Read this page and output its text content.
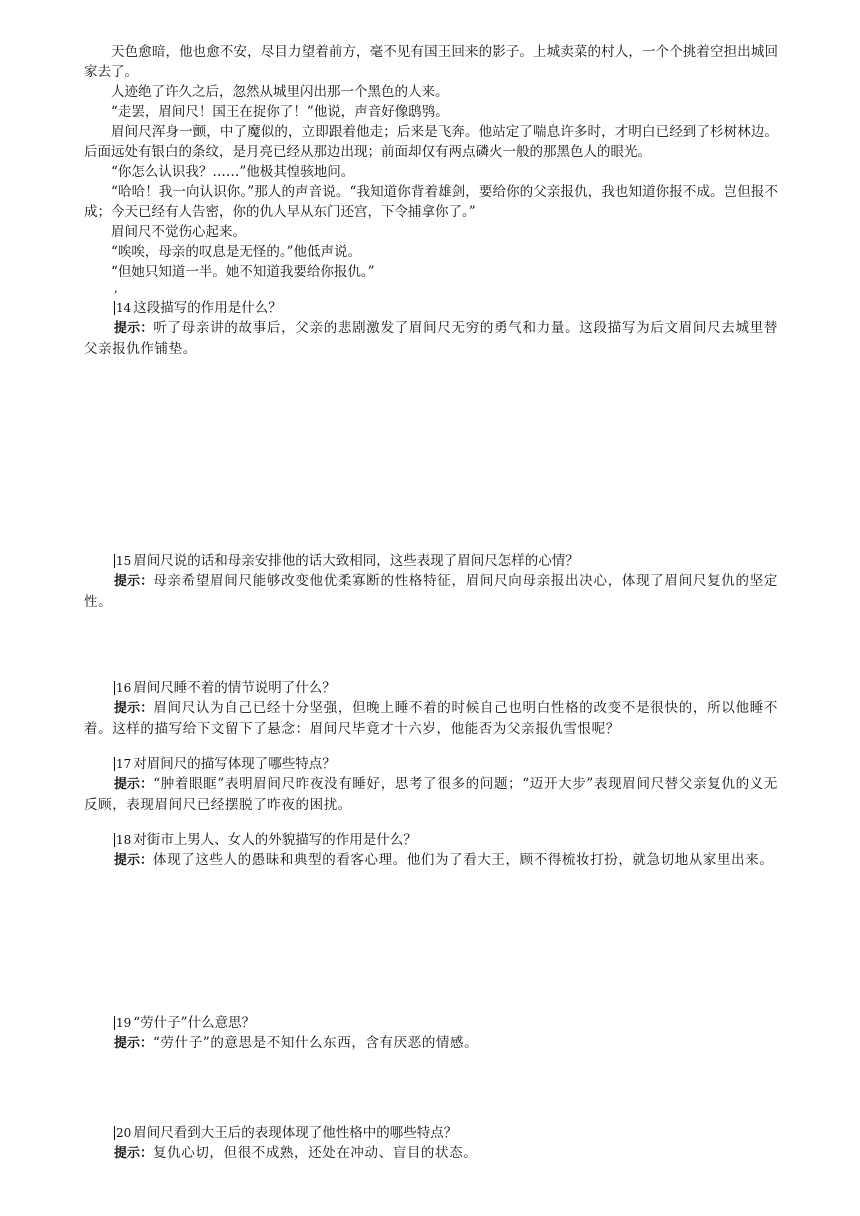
天色愈暗，他也愈不安，尽目力望着前方，毫不见有国王回来的影子。上城卖菜的村人，一个个挑着空担出城回家去了。

人迹绝了许久之后，忽然从城里闪出那一个黑色的人来。

“走罢，眉间尺！国王在捉你了！”他说，声音好像鸱鸮。

眉间尺浑身一颤，中了魔似的，立即跟着他走；后来是飞奔。他站定了喘息许多时，才明白已经到了杉树林边。后面远处有银白的条纹，是月亮已经从那边出现；前面却仅有两点磷火一般的那黑色人的眼光。

“你怎么认识我？……”他极其惶骇地问。

“哈哈！我一向认识你。”那人的声音说。“我知道你背着雄剑，要给你的父亲报仇，我也知道你报不成。岂但报不成；今天已经有人告密，你的仇人早从东门还宫，下令捕拿你了。”

眉间尺不觉伤心起来。

“唉唉，母亲的叹息是无怪的。”他低声说。

“但她只知道一半。她不知道我要给你报仇。”

,

14 这段描写的作用是什么？

提示：听了母亲讲的故事后，父亲的悲剧激发了眉间尺无穷的勇气和力量。这段描写为后文眉间尺去城里替父亲报仇作铺垫。

15 眉间尺说的话和母亲安排他的话大致相同，这些表现了眉间尺怎样的心情？

提示：母亲希望眉间尺能够改变他优柔寡断的性格特征，眉间尺向母亲报出决心，体现了眉间尺复仇的坚定性。

16 眉间尺睡不着的情节说明了什么？

提示：眉间尺认为自己已经十分坚强，但晚上睡不着的时候自己也明白性格的改变不是很快的，所以他睡不着。这样的描写给下文留下了悬念：眉间尺毕竟才十六岁，他能否为父亲报仇雪恨呢？

17 对眉间尺的描写体现了哪些特点？

提示：“肿着眼眶”表明眉间尺昨夜没有睡好，思考了很多的问题；“迈开大步”表现眉间尺替父亲复仇的义无反顾，表现眉间尺已经摆脱了昨夜的困扰。

18 对街市上男人、女人的外貌描写的作用是什么？

提示：体现了这些人的愚昧和典型的看客心理。他们为了看大王，顾不得梳妆打扮，就急切地从家里出来。

19 “劳什子”什么意思？

提示：“劳什子”的意思是不知什么东西，含有厌恶的情感。

20 眉间尺看到大王后的表现体现了他性格中的哪些特点？

提示：复仇心切，但很不成熟，还处在冲动、盲目的状态。
